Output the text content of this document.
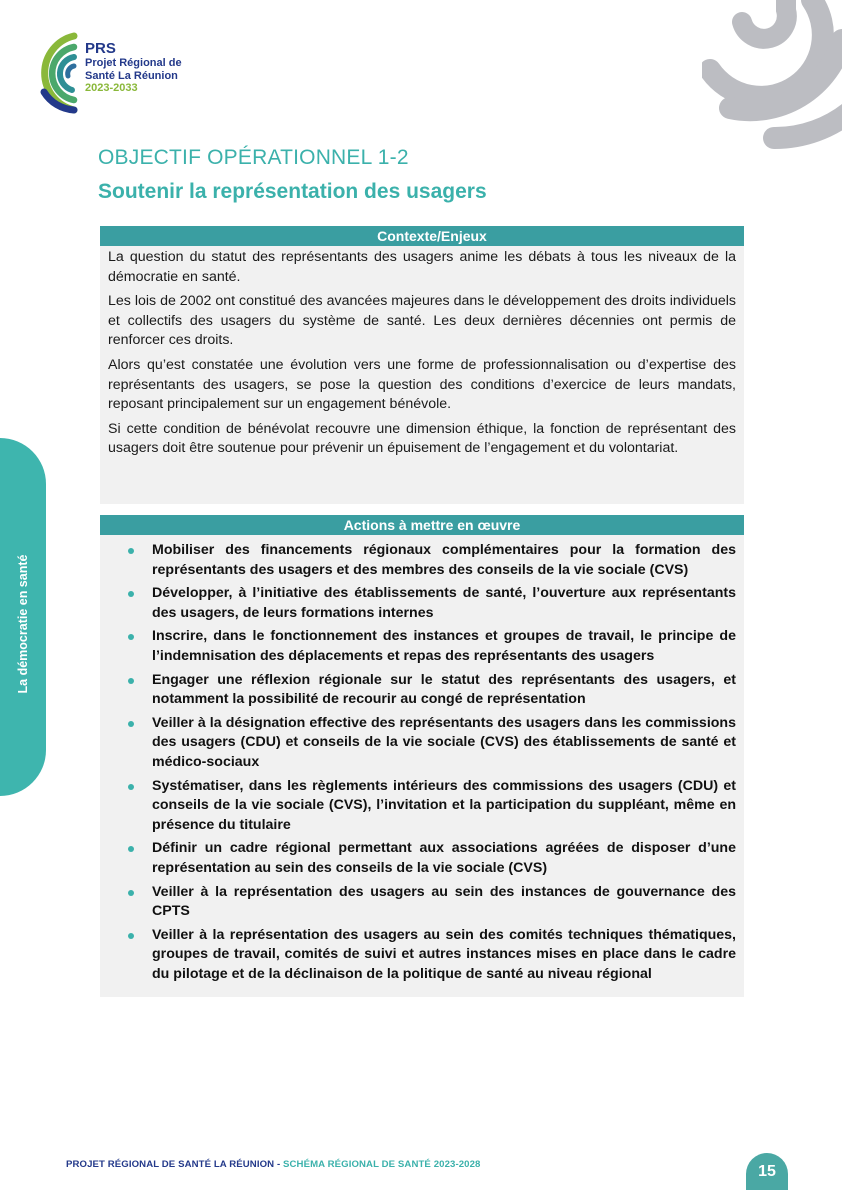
PRS
Projet Régional de
Santé La Réunion
2023-2033
OBJECTIF OPÉRATIONNEL 1-2
Soutenir la représentation des usagers
Contexte/Enjeux

La question du statut des représentants des usagers anime les débats à tous les niveaux de la démocratie en santé.

Les lois de 2002 ont constitué des avancées majeures dans le développement des droits individuels et collectifs des usagers du système de santé. Les deux dernières décennies ont permis de renforcer ces droits.

Alors qu’est constatée une évolution vers une forme de professionnalisation ou d’expertise des représentants des usagers, se pose la question des conditions d’exercice de leurs mandats, reposant principalement sur un engagement bénévole.

Si cette condition de bénévolat recouvre une dimension éthique, la fonction de représentant des usagers doit être soutenue pour prévenir un épuisement de l’engagement et du volontariat.

Actions à mettre en œuvre
Mobiliser des financements régionaux complémentaires pour la formation des représentants des usagers et des membres des conseils de la vie sociale (CVS)
Développer, à l’initiative des établissements de santé, l’ouverture aux représentants des usagers, de leurs formations internes
Inscrire, dans le fonctionnement des instances et groupes de travail, le principe de l’indemnisation des déplacements et repas des représentants des usagers
Engager une réflexion régionale sur le statut des représentants des usagers, et notamment la possibilité de recourir au congé de représentation
Veiller à la désignation effective des représentants des usagers dans les commissions des usagers (CDU) et conseils de la vie sociale (CVS) des établissements de santé et médico-sociaux
Systématiser, dans les règlements intérieurs des commissions des usagers (CDU) et conseils de la vie sociale (CVS), l’invitation et la participation du suppléant, même en présence du titulaire
Définir un cadre régional permettant aux associations agréées de disposer d’une représentation au sein des conseils de la vie sociale (CVS)
Veiller à la représentation des usagers au sein des instances de gouvernance des CPTS
Veiller à la représentation des usagers au sein des comités techniques thématiques, groupes de travail, comités de suivi et autres instances mises en place dans le cadre du pilotage et de la déclinaison de la politique de santé au niveau régional
La démocratie en santé
PROJET RÉGIONAL DE SANTÉ LA RÉUNION - SCHÉMA RÉGIONAL DE SANTÉ 2023-2028	15
